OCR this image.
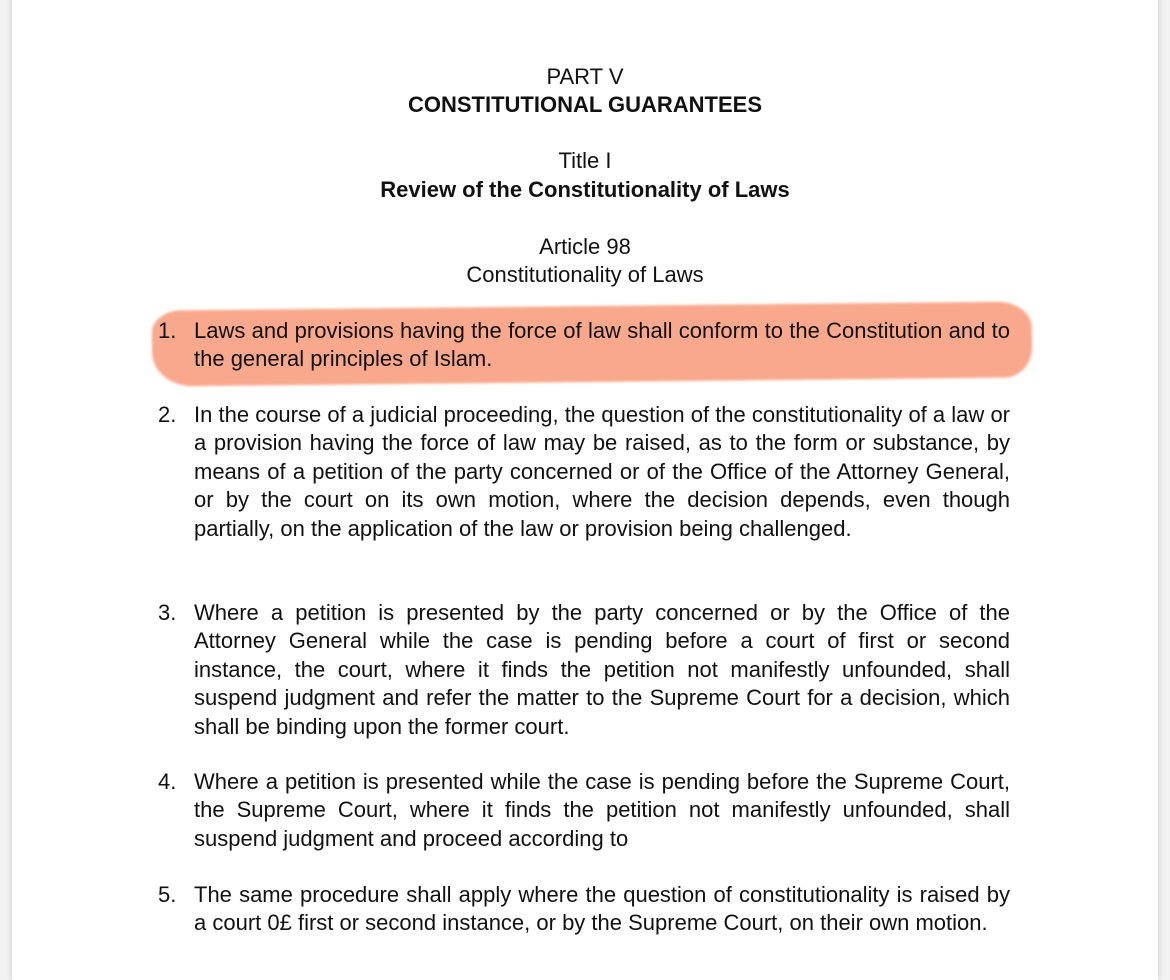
PART V
CONSTITUTIONAL GUARANTEES
Title I
Review of the Constitutionality of Laws
Article 98
Constitutionality of Laws
1. Laws and provisions having the force of law shall conform to the Constitution and to the general principles of Islam.
2. In the course of a judicial proceeding, the question of the constitutionality of a law or a provision having the force of law may be raised, as to the form or substance, by means of a petition of the party concerned or of the Office of the Attorney General, or by the court on its own motion, where the decision depends, even though partially, on the application of the law or provision being challenged.
3. Where a petition is presented by the party concerned or by the Office of the Attorney General while the case is pending before a court of first or second instance, the court, where it finds the petition not manifestly unfounded, shall suspend judgment and refer the matter to the Supreme Court for a decision, which shall be binding upon the former court.
4. Where a petition is presented while the case is pending before the Supreme Court, the Supreme Court, where it finds the petition not manifestly unfounded, shall suspend judgment and proceed according to
5. The same procedure shall apply where the question of constitutionality is raised by a court 0£ first or second instance, or by the Supreme Court, on their own motion.
